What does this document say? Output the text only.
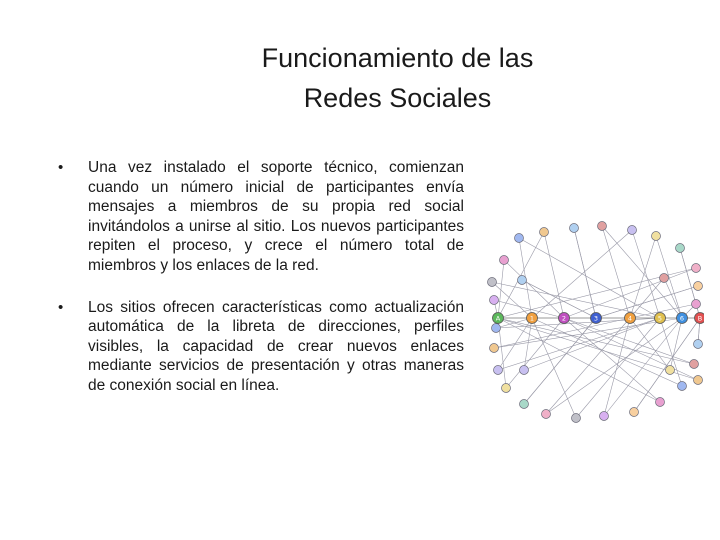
Funcionamiento de las
Redes Sociales
• Una vez instalado el soporte técnico, comienzan cuando un número inicial de participantes envía mensajes a miembros de su propia red social invitándolos a unirse al sitio. Los nuevos participantes repiten el proceso, y crece el número total de miembros y los enlaces de la red.
• Los sitios ofrecen características como actualización automática de la libreta de direcciones, perfiles visibles, la capacidad de crear nuevos enlaces mediante servicios de presentación y otras maneras de conexión social en línea.
A	1	2	3	4	5	6 B
